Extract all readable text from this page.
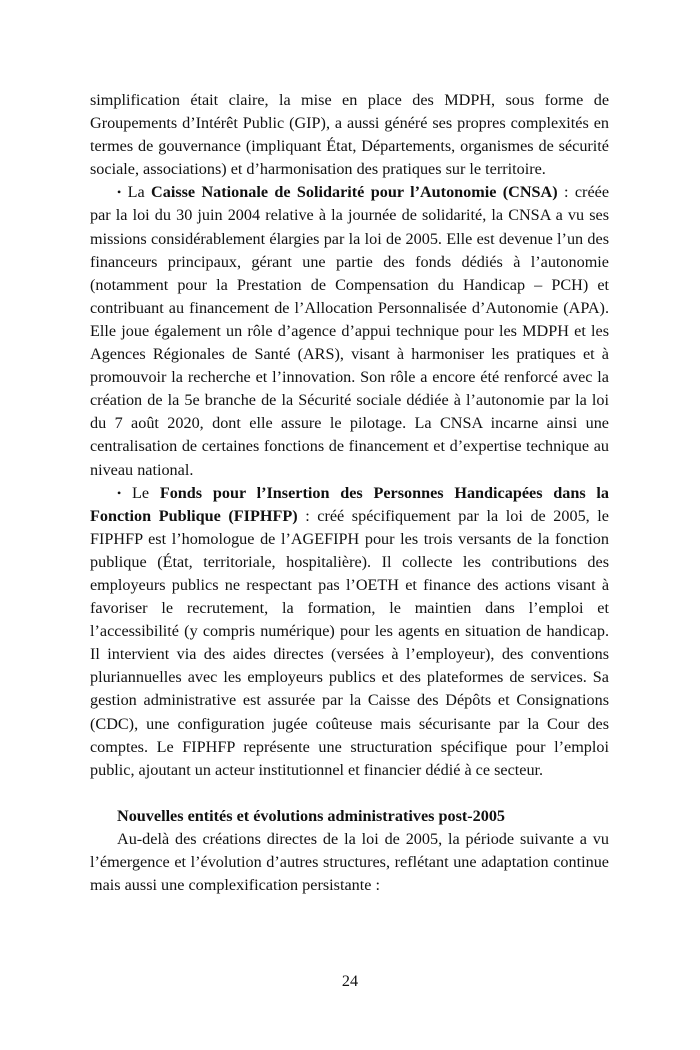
simplification était claire, la mise en place des MDPH, sous forme de Groupements d’Intérêt Public (GIP), a aussi généré ses propres complexités en termes de gouvernance (impliquant État, Départements, organismes de sécurité sociale, associations) et d’harmonisation des pratiques sur le territoire.

• La Caisse Nationale de Solidarité pour l’Autonomie (CNSA) : créée par la loi du 30 juin 2004 relative à la journée de solidarité, la CNSA a vu ses missions considérablement élargies par la loi de 2005. Elle est devenue l’un des financeurs principaux, gérant une partie des fonds dédiés à l’autonomie (notamment pour la Prestation de Compensation du Handicap – PCH) et contribuant au financement de l’Allocation Personnalisée d’Autonomie (APA). Elle joue également un rôle d’agence d’appui technique pour les MDPH et les Agences Régionales de Santé (ARS), visant à harmoniser les pratiques et à promouvoir la recherche et l’innovation. Son rôle a encore été renforcé avec la création de la 5e branche de la Sécurité sociale dédiée à l’autonomie par la loi du 7 août 2020, dont elle assure le pilotage. La CNSA incarne ainsi une centralisation de certaines fonctions de financement et d’expertise technique au niveau national.

• Le Fonds pour l’Insertion des Personnes Handicapées dans la Fonction Publique (FIPHFP) : créé spécifiquement par la loi de 2005, le FIPHFP est l’homologue de l’AGEFIPH pour les trois versants de la fonction publique (État, territoriale, hospitalière). Il collecte les contributions des employeurs publics ne respectant pas l’OETH et finance des actions visant à favoriser le recrutement, la formation, le maintien dans l’emploi et l’accessibilité (y compris numérique) pour les agents en situation de handicap. Il intervient via des aides directes (versées à l’employeur), des conventions pluriannuelles avec les employeurs publics et des plateformes de services. Sa gestion administrative est assurée par la Caisse des Dépôts et Consignations (CDC), une configuration jugée coûteuse mais sécurisante par la Cour des comptes. Le FIPHFP représente une structuration spécifique pour l’emploi public, ajoutant un acteur institutionnel et financier dédié à ce secteur.

Nouvelles entités et évolutions administratives post-2005

Au-delà des créations directes de la loi de 2005, la période suivante a vu l’émergence et l’évolution d’autres structures, reflétant une adaptation continue mais aussi une complexification persistante :

24
